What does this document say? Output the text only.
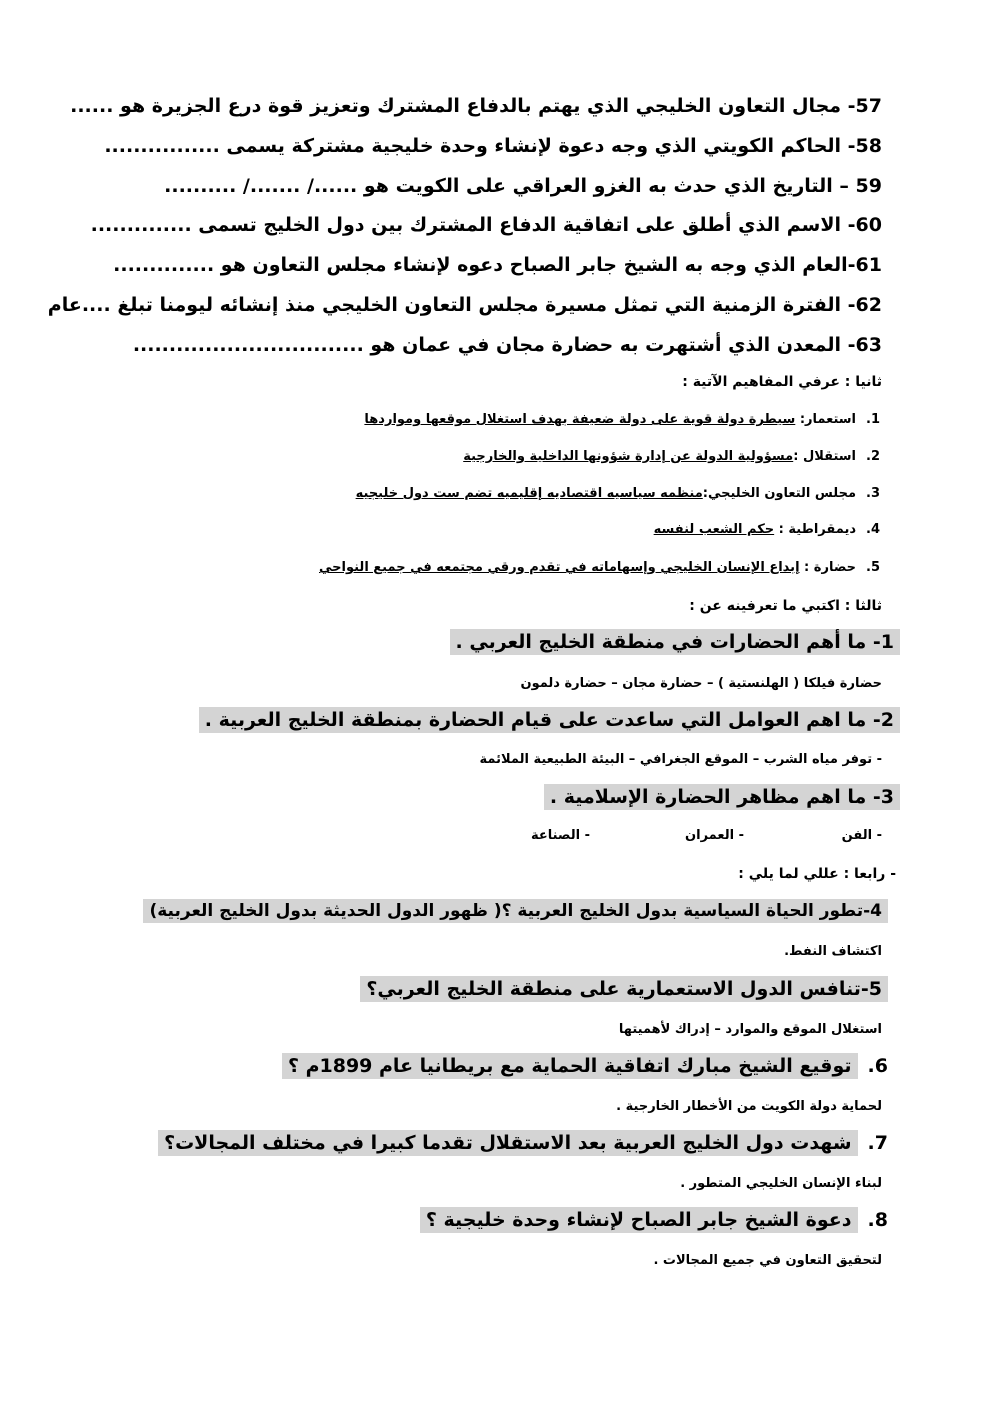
57- مجال التعاون الخليجي الذي يهتم بالدفاع المشترك وتعزيز قوة درع الجزيرة هو ......
58- الحاكم الكويتي الذي وجه دعوة لإنشاء وحدة خليجية مشتركة يسمى ................
59 – التاريخ الذي حدث به الغزو العراقي على الكويت هو ....../ ......./ ..........
60- الاسم الذي أطلق على اتفاقية الدفاع المشترك بين دول الخليج تسمى ..............
61-العام الذي وجه به الشيخ جابر الصباح دعوه لإنشاء مجلس التعاون هو ..............
62- الفترة الزمنية التي تمثل مسيرة مجلس التعاون الخليجي منذ إنشائه ليومنا تبلغ ....عام
63- المعدن الذي أشتهرت به حضارة مجان في عمان هو ................................
ثانيا : عرفي المفاهيم الآتية :
1.استعمار: سيطرة دولة قوية على دولة ضعيفة بهدف استغلال موقعها ومواردها
2.استقلال :مسؤولية الدولة عن إدارة شؤونها الداخلية والخارجية
3.مجلس التعاون الخليجي:منظمه سياسيه اقتصاديه إقليميه تضم ست دول خليجيه
4.ديمقراطية : حكم الشعب لنفسه
5.حضارة : إبداع الإنسان الخليجي وإسهاماته في تقدم ورقي مجتمعه في جميع النواحي
ثالثا : اكتبي ما تعرفينه عن :
1- ما أهم الحضارات في منطقة الخليج العربي .
حضارة فيلكا ( الهلنستية ) – حضارة مجان – حضارة دلمون
2- ما اهم العوامل التي ساعدت على قيام الحضارة بمنطقة الخليج العربية .
- توفر مياه الشرب – الموقع الجغرافي – البيئة الطبيعية الملائمة
3- ما اهم مظاهر الحضارة الإسلامية .
- الفن
- العمران
- الصناعة
- رابعا : عللي لما يلي :
4-تطور الحياة السياسية بدول الخليج العربية ؟( ظهور الدول الحديثة بدول الخليج العربية)
اكتشاف النفط.
5-تنافس الدول الاستعمارية على منطقة الخليج العربي؟
استغلال الموقع والموارد – إدراك لأهميتها
6.توقيع الشيخ مبارك اتفاقية الحماية مع بريطانيا عام 1899م ؟
لحماية دولة الكويت من الأخطار الخارجية .
7.شهدت دول الخليج العربية بعد الاستقلال تقدما كبيرا في مختلف المجالات؟
لبناء الإنسان الخليجي المتطور .
8.دعوة الشيخ جابر الصباح لإنشاء وحدة خليجية ؟
لتحقيق التعاون في جميع المجالات .
